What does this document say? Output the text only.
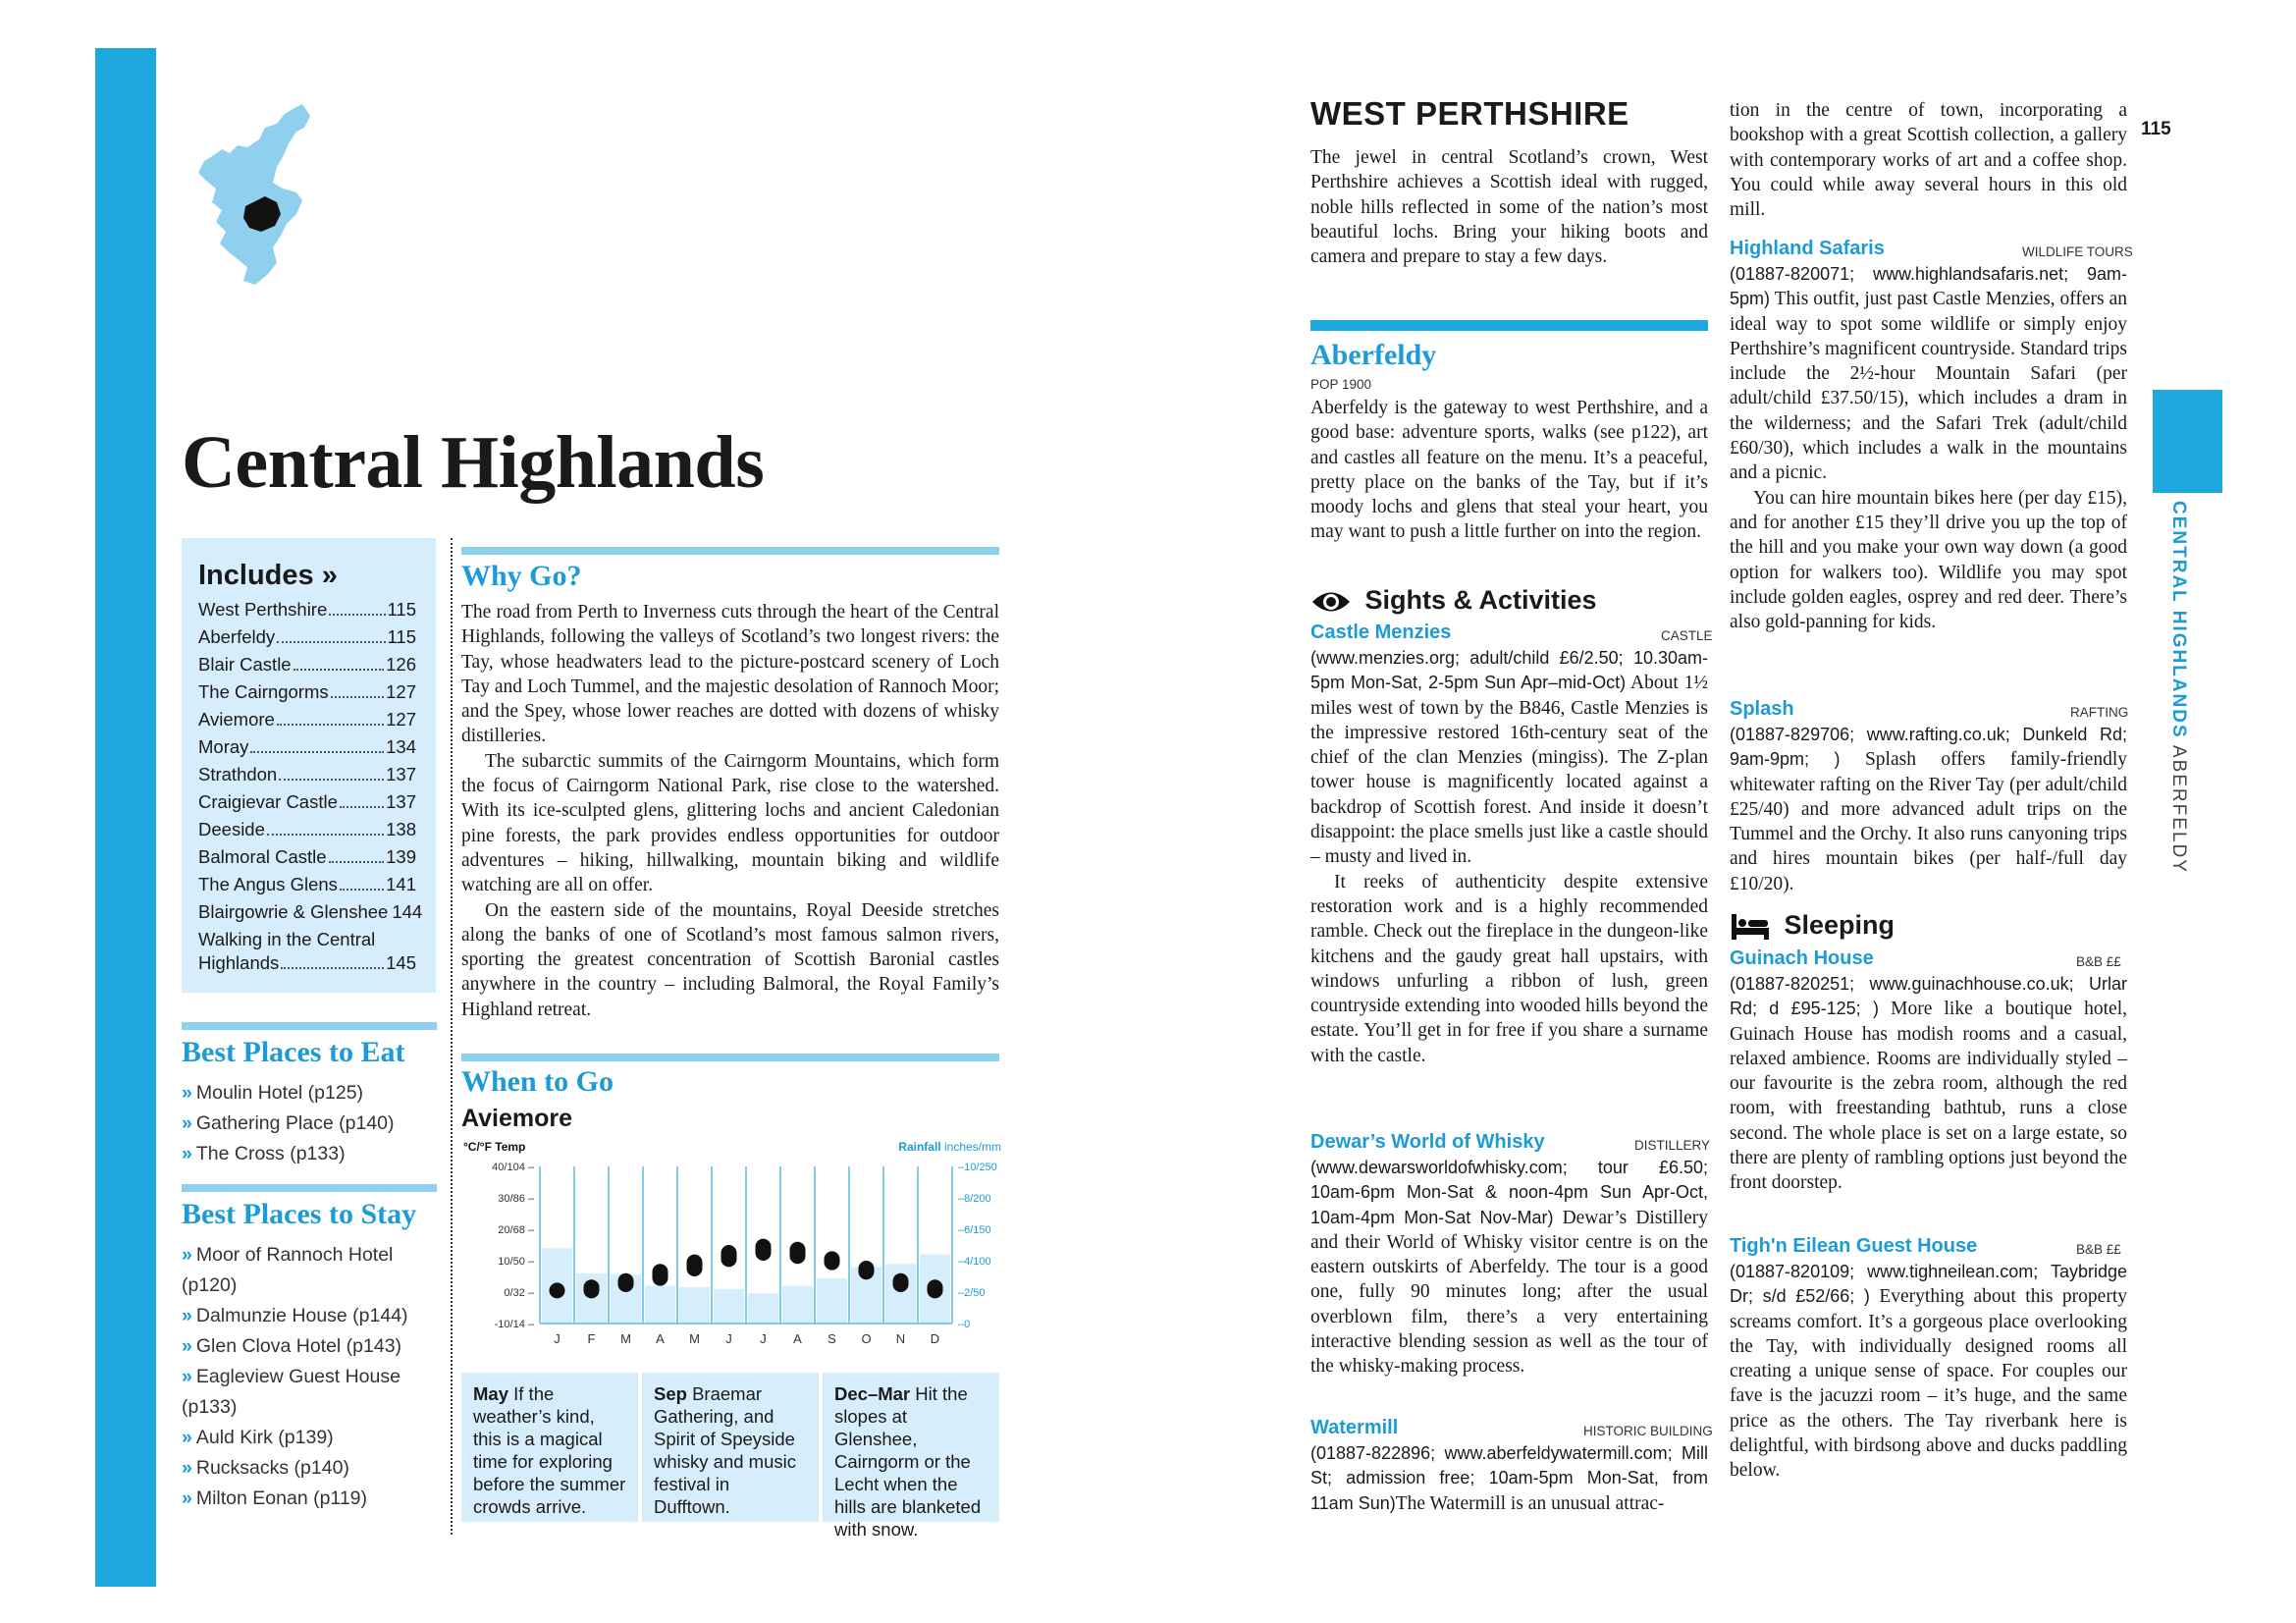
Central Highlands
Includes »
West Perthshire	115
Aberfeldy	115
Blair Castle	126
The Cairngorms	127
Aviemore	127
Moray	134
Strathdon	137
Craigievar Castle	137
Deeside	138
Balmoral Castle	139
The Angus Glens	141
Blairgowrie & Glenshee 144
Walking in the Central
Highlands	145
Best Places to Eat
» Moulin Hotel (p125)
» Gathering Place (p140)
» The Cross (p133)
Best Places to Stay
» Moor of Rannoch Hotel
(p120)
» Dalmunzie House (p144)
» Glen Clova Hotel (p143)
» Eagleview Guest House
(p133)
» Auld Kirk (p139)
» Rucksacks (p140)
» Milton Eonan (p119)
Why Go?

The road from Perth to Inverness cuts through the heart of the Central Highlands, following the valleys of Scotland’s two longest rivers: the Tay, whose headwaters lead to the picture-postcard scenery of Loch Tay and Loch Tummel, and the majestic desolation of Rannoch Moor; and the Spey, whose lower reaches are dotted with dozens of whisky distilleries.

The subarctic summits of the Cairngorm Mountains, which form the focus of Cairngorm National Park, rise close to the watershed. With its ice-sculpted glens, glittering lochs and ancient Caledonian pine forests, the park provides endless opportunities for outdoor adventures – hiking, hillwalking, mountain biking and wildlife watching are all on offer.

On the eastern side of the mountains, Royal Deeside stretches along the banks of one of Scotland’s most famous salmon rivers, sporting the greatest concentration of Scottish Baronial castles anywhere in the country – including Balmoral, the Royal Family’s Highland retreat.

When to Go
Aviemore
J F M A M J J A S O N D
40/104 –
30/86 –
20/68 –
10/50 –
0/32 –
-10/14 –
–10/250
–8/200
–6/150
–4/100
–2/50
–0
°C/°F Temp	Rainfall inches/mm
May If the weather’s kind, this is a magical time for exploring before the summer crowds arrive.
Sep Braemar Gathering, and Spirit of Speyside whisky and music festival in Dufftown.
Dec–Mar Hit the slopes at Glenshee, Cairngorm or the Lecht when the hills are blanketed with snow.
WEST PERTHSHIRE
The jewel in central Scotland’s crown, West Perthshire achieves a Scottish ideal with rugged, noble hills reflected in some of the nation’s most beautiful lochs. Bring your hiking boots and camera and prepare to stay a few days.
Aberfeldy
POP 1900
Aberfeldy is the gateway to west Perthshire, and a good base: adventure sports, walks (see p122), art and castles all feature on the menu. It’s a peaceful, pretty place on the banks of the Tay, but if it’s moody lochs and glens that steal your heart, you may want to push a little further on into the region.
Sights & Activities
Castle Menzies	CASTLE

(www.menzies.org; adult/child £6/2.50; 10.30am-5pm Mon-Sat, 2-5pm Sun Apr–mid-Oct) About 1½ miles west of town by the B846, Castle Menzies is the impressive restored 16th-century seat of the chief of the clan Menzies (mingiss). The Z-plan tower house is magnificently located against a backdrop of Scottish forest. And inside it doesn’t disappoint: the place smells just like a castle should – musty and lived in.

It reeks of authenticity despite extensive restoration work and is a highly recommended ramble. Check out the fireplace in the dungeon-like kitchens and the gaudy great hall upstairs, with windows unfurling a ribbon of lush, green countryside extending into wooded hills beyond the estate. You’ll get in for free if you share a surname with the castle.

Dewar’s World of Whisky	DISTILLERY

(www.dewarsworldofwhisky.com; tour £6.50; 10am-6pm Mon-Sat & noon-4pm Sun Apr-Oct, 10am-4pm Mon-Sat Nov-Mar) Dewar’s Distillery and their World of Whisky visitor centre is on the eastern outskirts of Aberfeldy. The tour is a good one, fully 90 minutes long; after the usual overblown film, there’s a very entertaining interactive blending session as well as the tour of the whisky-making process.

Watermill	HISTORIC BUILDING

(01887-822896; www.aberfeldywatermill.com; Mill St; admission free; 10am-5pm Mon-Sat, from 11am Sun)The Watermill is an unusual attrac-

tion in the centre of town, incorporating a bookshop with a great Scottish collection, a gallery with contemporary works of art and a coffee shop. You could while away several hours in this old mill.
Highland Safaris	WILDLIFE TOURS

(01887-820071; www.highlandsafaris.net; 9am-5pm) This outfit, just past Castle Menzies, offers an ideal way to spot some wildlife or simply enjoy Perthshire’s magnificent countryside. Standard trips include the 2½-hour Mountain Safari (per adult/child £37.50/15), which includes a dram in the wilderness; and the Safari Trek (adult/child £60/30), which includes a walk in the mountains and a picnic.

You can hire mountain bikes here (per day £15), and for another £15 they’ll drive you up the top of the hill and you make your own way down (a good option for walkers too). Wildlife you may spot include golden eagles, osprey and red deer. There’s also gold-panning for kids.

Splash	RAFTING

(01887-829706; www.rafting.co.uk; Dunkeld Rd; 9am-9pm; ) Splash offers family-friendly whitewater rafting on the River Tay (per adult/child £25/40) and more advanced adult trips on the Tummel and the Orchy. It also runs canyoning trips and hires mountain bikes (per half-/full day £10/20).

Sleeping
Guinach House	B&B ££

(01887-820251; www.guinachhouse.co.uk; Urlar Rd; d £95-125; ) More like a boutique hotel, Guinach House has modish rooms and a casual, relaxed ambience. Rooms are individually styled – our favourite is the zebra room, although the red room, with freestanding bathtub, runs a close second. The whole place is set on a large estate, so there are plenty of rambling options just beyond the front doorstep.

Tigh'n Eilean Guest House	B&B ££

(01887-820109; www.tighneilean.com; Taybridge Dr; s/d £52/66; ) Everything about this property screams comfort. It’s a gorgeous place overlooking the Tay, with individually designed rooms all creating a unique sense of space. For couples our fave is the jacuzzi room – it’s huge, and the same price as the others. The Tay riverbank here is delightful, with birdsong above and ducks paddling below.

115
CENTRAL HIGHLANDS ABERFELDY
